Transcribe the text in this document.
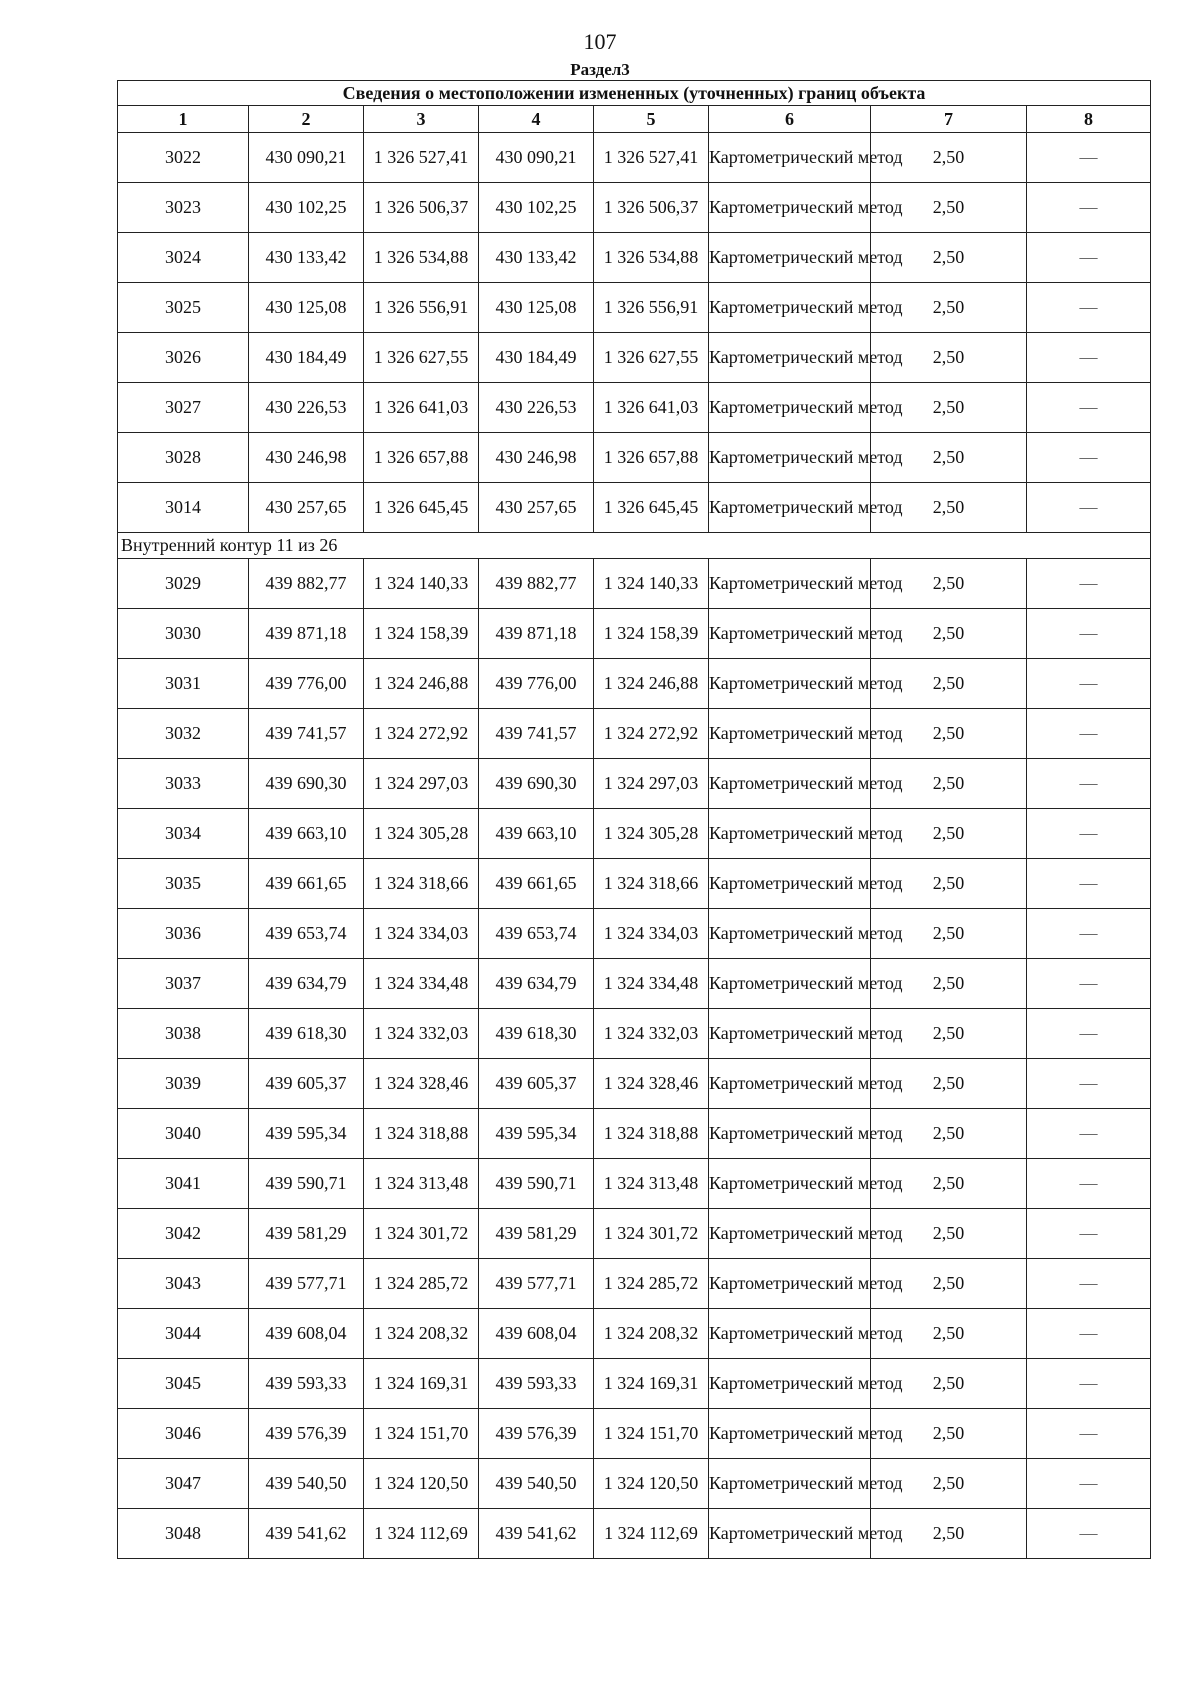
107
Раздел3
Сведения о местоположении измененных (уточненных) границ объекта							
1	2	3	4	5	6	7	8
3022	430 090,21	1 326 527,41	430 090,21	1 326 527,41	Картометрический метод	2,50	—
3023	430 102,25	1 326 506,37	430 102,25	1 326 506,37	Картометрический метод	2,50	—
3024	430 133,42	1 326 534,88	430 133,42	1 326 534,88	Картометрический метод	2,50	—
3025	430 125,08	1 326 556,91	430 125,08	1 326 556,91	Картометрический метод	2,50	—
3026	430 184,49	1 326 627,55	430 184,49	1 326 627,55	Картометрический метод	2,50	—
3027	430 226,53	1 326 641,03	430 226,53	1 326 641,03	Картометрический метод	2,50	—
3028	430 246,98	1 326 657,88	430 246,98	1 326 657,88	Картометрический метод	2,50	—
3014	430 257,65	1 326 645,45	430 257,65	1 326 645,45	Картометрический метод	2,50	—
Внутренний контур 11 из 26							
3029	439 882,77	1 324 140,33	439 882,77	1 324 140,33	Картометрический метод	2,50	—
3030	439 871,18	1 324 158,39	439 871,18	1 324 158,39	Картометрический метод	2,50	—
3031	439 776,00	1 324 246,88	439 776,00	1 324 246,88	Картометрический метод	2,50	—
3032	439 741,57	1 324 272,92	439 741,57	1 324 272,92	Картометрический метод	2,50	—
3033	439 690,30	1 324 297,03	439 690,30	1 324 297,03	Картометрический метод	2,50	—
3034	439 663,10	1 324 305,28	439 663,10	1 324 305,28	Картометрический метод	2,50	—
3035	439 661,65	1 324 318,66	439 661,65	1 324 318,66	Картометрический метод	2,50	—
3036	439 653,74	1 324 334,03	439 653,74	1 324 334,03	Картометрический метод	2,50	—
3037	439 634,79	1 324 334,48	439 634,79	1 324 334,48	Картометрический метод	2,50	—
3038	439 618,30	1 324 332,03	439 618,30	1 324 332,03	Картометрический метод	2,50	—
3039	439 605,37	1 324 328,46	439 605,37	1 324 328,46	Картометрический метод	2,50	—
3040	439 595,34	1 324 318,88	439 595,34	1 324 318,88	Картометрический метод	2,50	—
3041	439 590,71	1 324 313,48	439 590,71	1 324 313,48	Картометрический метод	2,50	—
3042	439 581,29	1 324 301,72	439 581,29	1 324 301,72	Картометрический метод	2,50	—
3043	439 577,71	1 324 285,72	439 577,71	1 324 285,72	Картометрический метод	2,50	—
3044	439 608,04	1 324 208,32	439 608,04	1 324 208,32	Картометрический метод	2,50	—
3045	439 593,33	1 324 169,31	439 593,33	1 324 169,31	Картометрический метод	2,50	—
3046	439 576,39	1 324 151,70	439 576,39	1 324 151,70	Картометрический метод	2,50	—
3047	439 540,50	1 324 120,50	439 540,50	1 324 120,50	Картометрический метод	2,50	—
3048	439 541,62	1 324 112,69	439 541,62	1 324 112,69	Картометрический метод	2,50	—
